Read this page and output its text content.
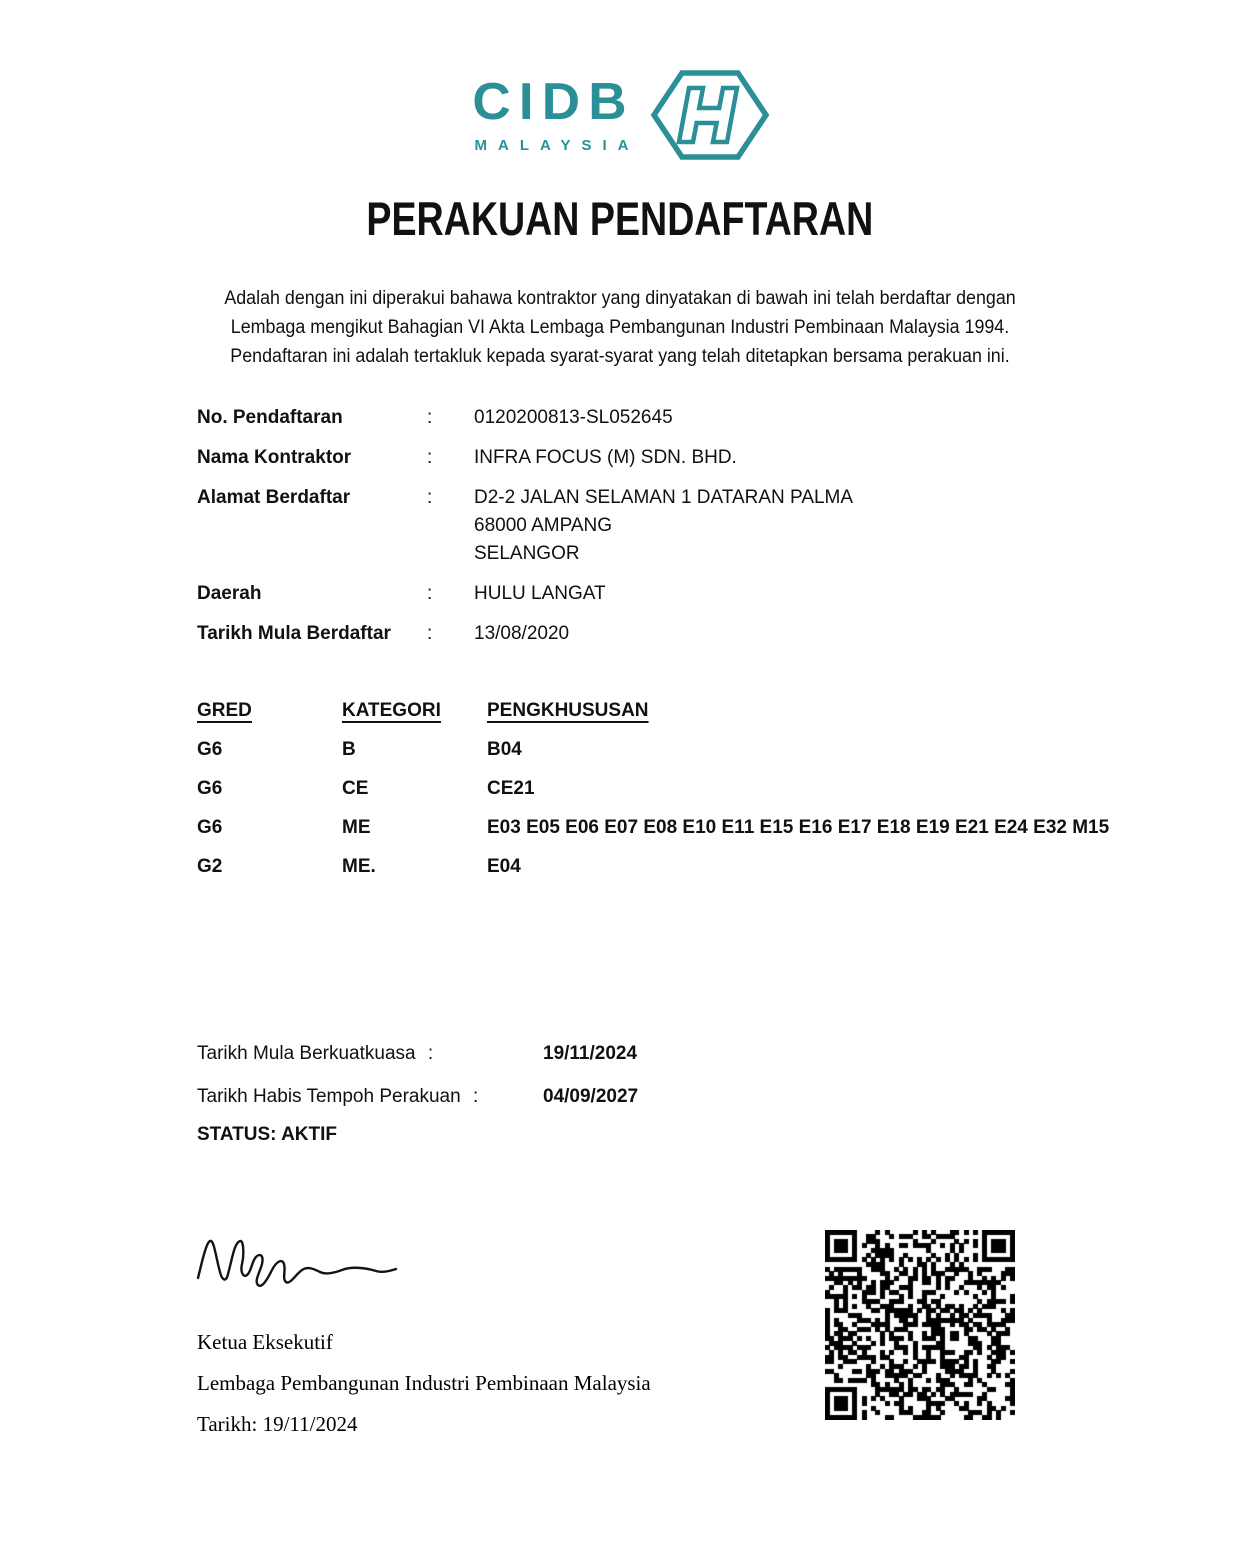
CIDB
MALAYSIA
PERAKUAN PENDAFTARAN
Adalah dengan ini diperakui bahawa kontraktor yang dinyatakan di bawah ini telah berdaftar dengan
Lembaga mengikut Bahagian VI Akta Lembaga Pembangunan Industri Pembinaan Malaysia 1994.
Pendaftaran ini adalah tertakluk kepada syarat-syarat yang telah ditetapkan bersama perakuan ini.
No. Pendaftaran	:	0120200813-SL052645
Nama Kontraktor	:	INFRA FOCUS (M) SDN. BHD.
Alamat Berdaftar	:	D2-2 JALAN SELAMAN 1 DATARAN PALMA
68000 AMPANG
SELANGOR
Daerah	:	HULU LANGAT
Tarikh Mula Berdaftar	:	13/08/2020
GRED	KATEGORI	PENGKHUSUSAN
G6	B	B04
G6	CE	CE21
G6	ME	E03 E05 E06 E07 E08 E10 E11 E15 E16 E17 E18 E19 E21 E24 E32 M15
G2	ME.	E04
Tarikh Mula Berkuatkuasa :	19/11/2024
Tarikh Habis Tempoh Perakuan :	04/09/2027
STATUS: AKTIF
Ketua Eksekutif
Lembaga Pembangunan Industri Pembinaan Malaysia
Tarikh: 19/11/2024
